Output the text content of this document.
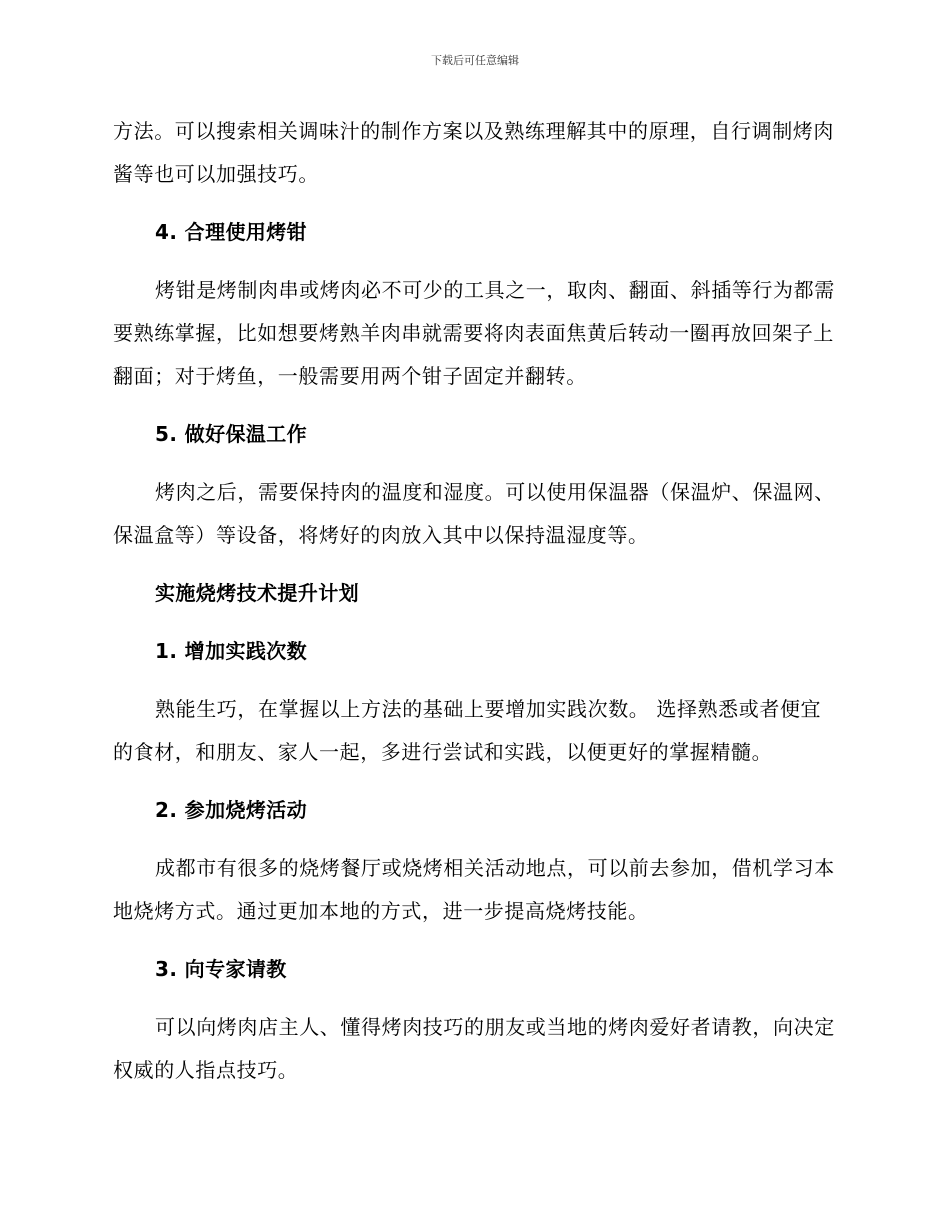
下载后可任意编辑

方法。可以搜索相关调味汁的制作方案以及熟练理解其中的原理，自行调制烤肉酱等也可以加强技巧。

4. 合理使用烤钳

烤钳是烤制肉串或烤肉必不可少的工具之一，取肉、翻面、斜插等行为都需要熟练掌握，比如想要烤熟羊肉串就需要将肉表面焦黄后转动一圈再放回架子上翻面；对于烤鱼，一般需要用两个钳子固定并翻转。

5. 做好保温工作

烤肉之后，需要保持肉的温度和湿度。可以使用保温器（保温炉、保温网、保温盒等）等设备，将烤好的肉放入其中以保持温湿度等。

实施烧烤技术提升计划

1. 增加实践次数

熟能生巧，在掌握以上方法的基础上要增加实践次数。 选择熟悉或者便宜的食材，和朋友、家人一起，多进行尝试和实践，以便更好的掌握精髓。

2. 参加烧烤活动

成都市有很多的烧烤餐厅或烧烤相关活动地点，可以前去参加，借机学习本地烧烤方式。通过更加本地的方式，进一步提高烧烤技能。

3. 向专家请教

可以向烤肉店主人、懂得烤肉技巧的朋友或当地的烤肉爱好者请教，向决定权威的人指点技巧。
